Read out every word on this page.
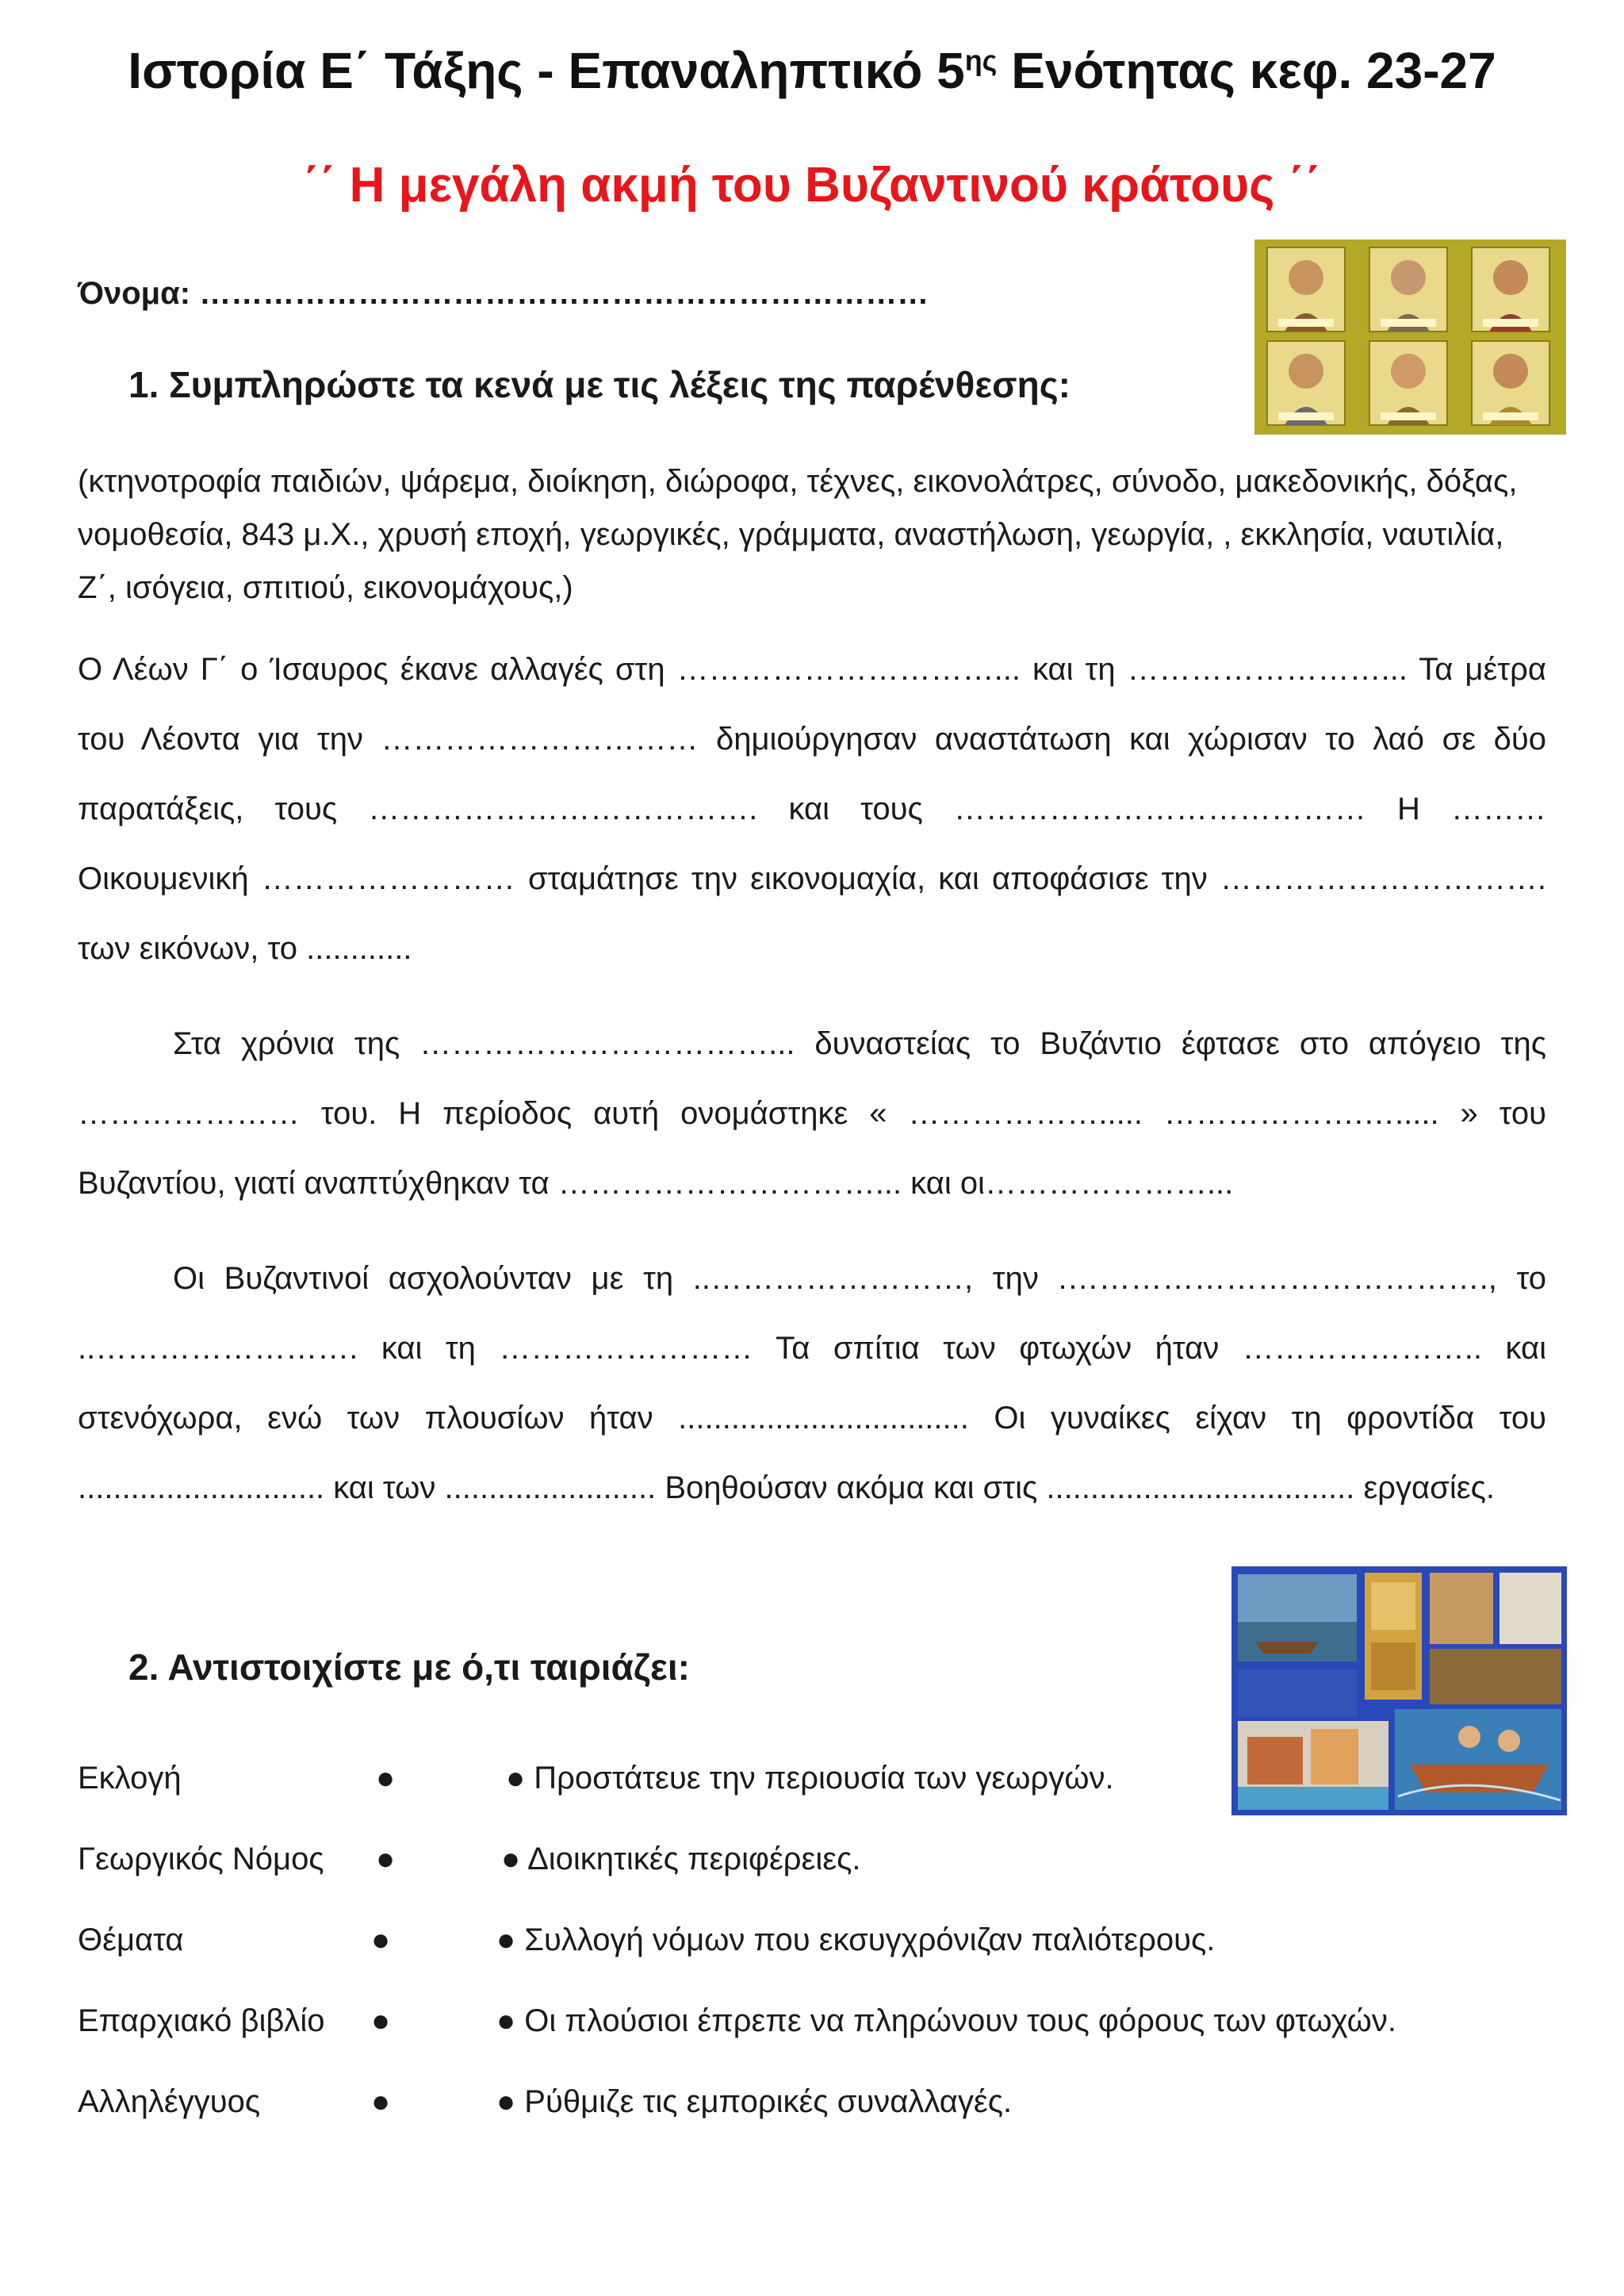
Ιστορία Ε΄ Τάξης - Επαναληπτικό $5^{\eta\varsigma}$ Ενότητας κεφ. 23-27
΄΄ Η μεγάλη ακμή του Βυζαντινού κράτους ΄΄
Όνομα: ……………………………………………………………
1. Συμπληρώστε τα κενά με τις λέξεις της παρένθεσης:
(κτηνοτροφία παιδιών, ψάρεμα, διοίκηση, διώροφα, τέχνες, εικονολάτρες, σύνοδο, μακεδονικής, δόξας, νομοθεσία, 843 μ.Χ., χρυσή εποχή, γεωργικές, γράμματα, αναστήλωση, γεωργία, , εκκλησία, ναυτιλία, Ζ΄, ισόγεια, σπιτιού, εικονομάχους,)

Ο Λέων Γ΄ ο Ίσαυρος έκανε αλλαγές στη …………………………... και τη ……………………... Τα μέτρα του Λέοντα για την ………………………… δημιούργησαν αναστάτωση και χώρισαν το λαό σε δύο παρατάξεις, τους ………………………………. και τους ………………………………… Η ……… Οικουμενική …………………… σταμάτησε την εικονομαχία, και αποφάσισε την …………………………. των εικόνων, το ............

Στα χρόνια της ……………………………... δυναστείας το Βυζάντιο έφτασε στο απόγειο της ………………… του. Η περίοδος αυτή ονομάστηκε « ………………..... ……………….…..... » του Βυζαντίου, γιατί αναπτύχθηκαν τα …………………………... και οι…………………...

Οι Βυζαντινοί ασχολούνταν με τη ..……………………, την .…………………………………., το ..……………………. και τη …………………… Τα σπίτια των φτωχών ήταν ………………….. και στενόχωρα, ενώ των πλουσίων ήταν ................................. Οι γυναίκες είχαν τη φροντίδα του ............................ και των ........................ Βοηθούσαν ακόμα και στις ................................... εργασίες.

2. Αντιστοιχίστε με ό,τι ταιριάζει:
Εκλογή	●	● Προστάτευε την περιουσία των γεωργών.
Γεωργικός Νόμος ●	● Διοικητικές περιφέρειες.
Θέματα	●	● Συλλογή νόμων που εκσυγχρόνιζαν παλιότερους.
Επαρχιακό βιβλίο ●	● Οι πλούσιοι έπρεπε να πληρώνουν τους φόρους των φτωχών.
Αλληλέγγυος	●	● Ρύθμιζε τις εμπορικές συναλλαγές.
